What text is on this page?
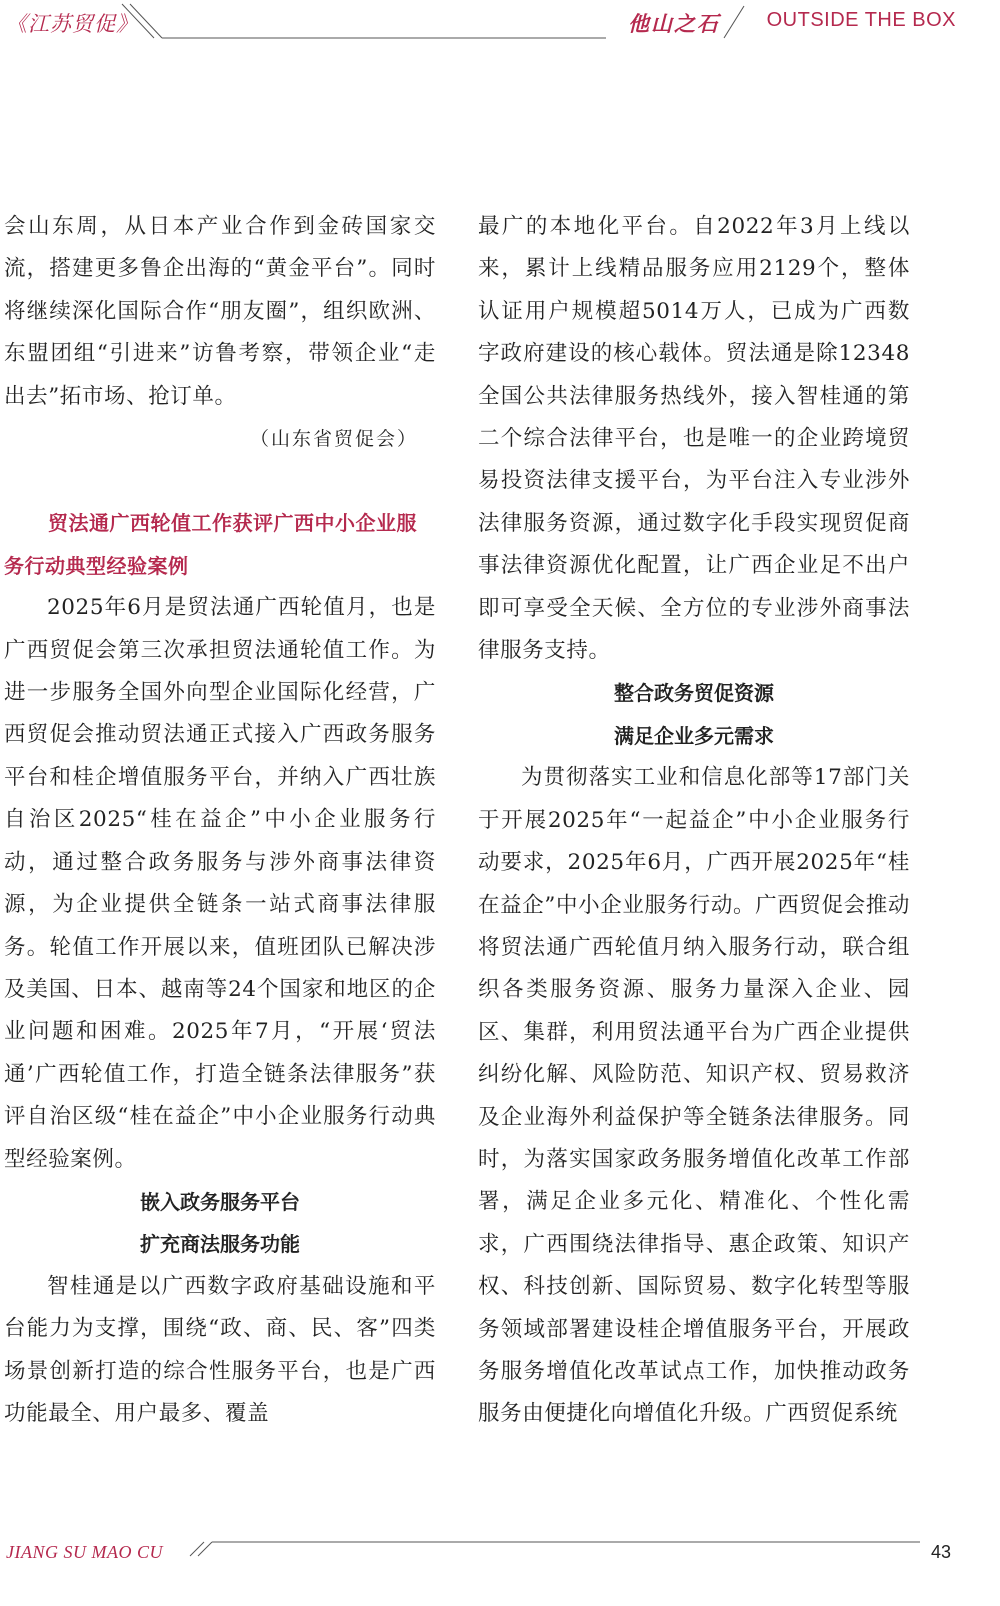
《江苏贸促》	他山之石 OUTSIDE THE BOX

会山东周，从日本产业合作到金砖国家交流，搭建更多鲁企出海的“黄金平台”。同时将继续深化国际合作“朋友圈”，组织欧洲、东盟团组“引进来”访鲁考察，带领企业“走出去”拓市场、抢订单。

（山东省贸促会）

贸法通广西轮值工作获评广西中小企业服务行动典型经验案例

2025年6月是贸法通广西轮值月，也是广西贸促会第三次承担贸法通轮值工作。为进一步服务全国外向型企业国际化经营，广西贸促会推动贸法通正式接入广西政务服务平台和桂企增值服务平台，并纳入广西壮族自治区2025“桂在益企”中小企业服务行动，通过整合政务服务与涉外商事法律资源，为企业提供全链条一站式商事法律服务。轮值工作开展以来，值班团队已解决涉及美国、日本、越南等24个国家和地区的企业问题和困难。2025年7月，“开展‘贸法通’广西轮值工作，打造全链条法律服务”获评自治区级“桂在益企”中小企业服务行动典型经验案例。

嵌入政务服务平台

扩充商法服务功能

智桂通是以广西数字政府基础设施和平台能力为支撑，围绕“政、商、民、客”四类场景创新打造的综合性服务平台，也是广西功能最全、用户最多、覆盖

最广的本地化平台。自2022年3月上线以来，累计上线精品服务应用2129个，整体认证用户规模超5014万人，已成为广西数字政府建设的核心载体。贸法通是除12348全国公共法律服务热线外，接入智桂通的第二个综合法律平台，也是唯一的企业跨境贸易投资法律支援平台，为平台注入专业涉外法律服务资源，通过数字化手段实现贸促商事法律资源优化配置，让广西企业足不出户即可享受全天候、全方位的专业涉外商事法律服务支持。

整合政务贸促资源

满足企业多元需求

为贯彻落实工业和信息化部等17部门关于开展2025年“一起益企”中小企业服务行动要求，2025年6月，广西开展2025年“桂在益企”中小企业服务行动。广西贸促会推动将贸法通广西轮值月纳入服务行动，联合组织各类服务资源、服务力量深入企业、园区、集群，利用贸法通平台为广西企业提供纠纷化解、风险防范、知识产权、贸易救济及企业海外利益保护等全链条法律服务。同时，为落实国家政务服务增值化改革工作部署，满足企业多元化、精准化、个性化需求，广西围绕法律指导、惠企政策、知识产权、科技创新、国际贸易、数字化转型等服务领域部署建设桂企增值服务平台，开展政务服务增值化改革试点工作，加快推动政务服务由便捷化向增值化升级。广西贸促系统

JIANG SU MAO CU	43
